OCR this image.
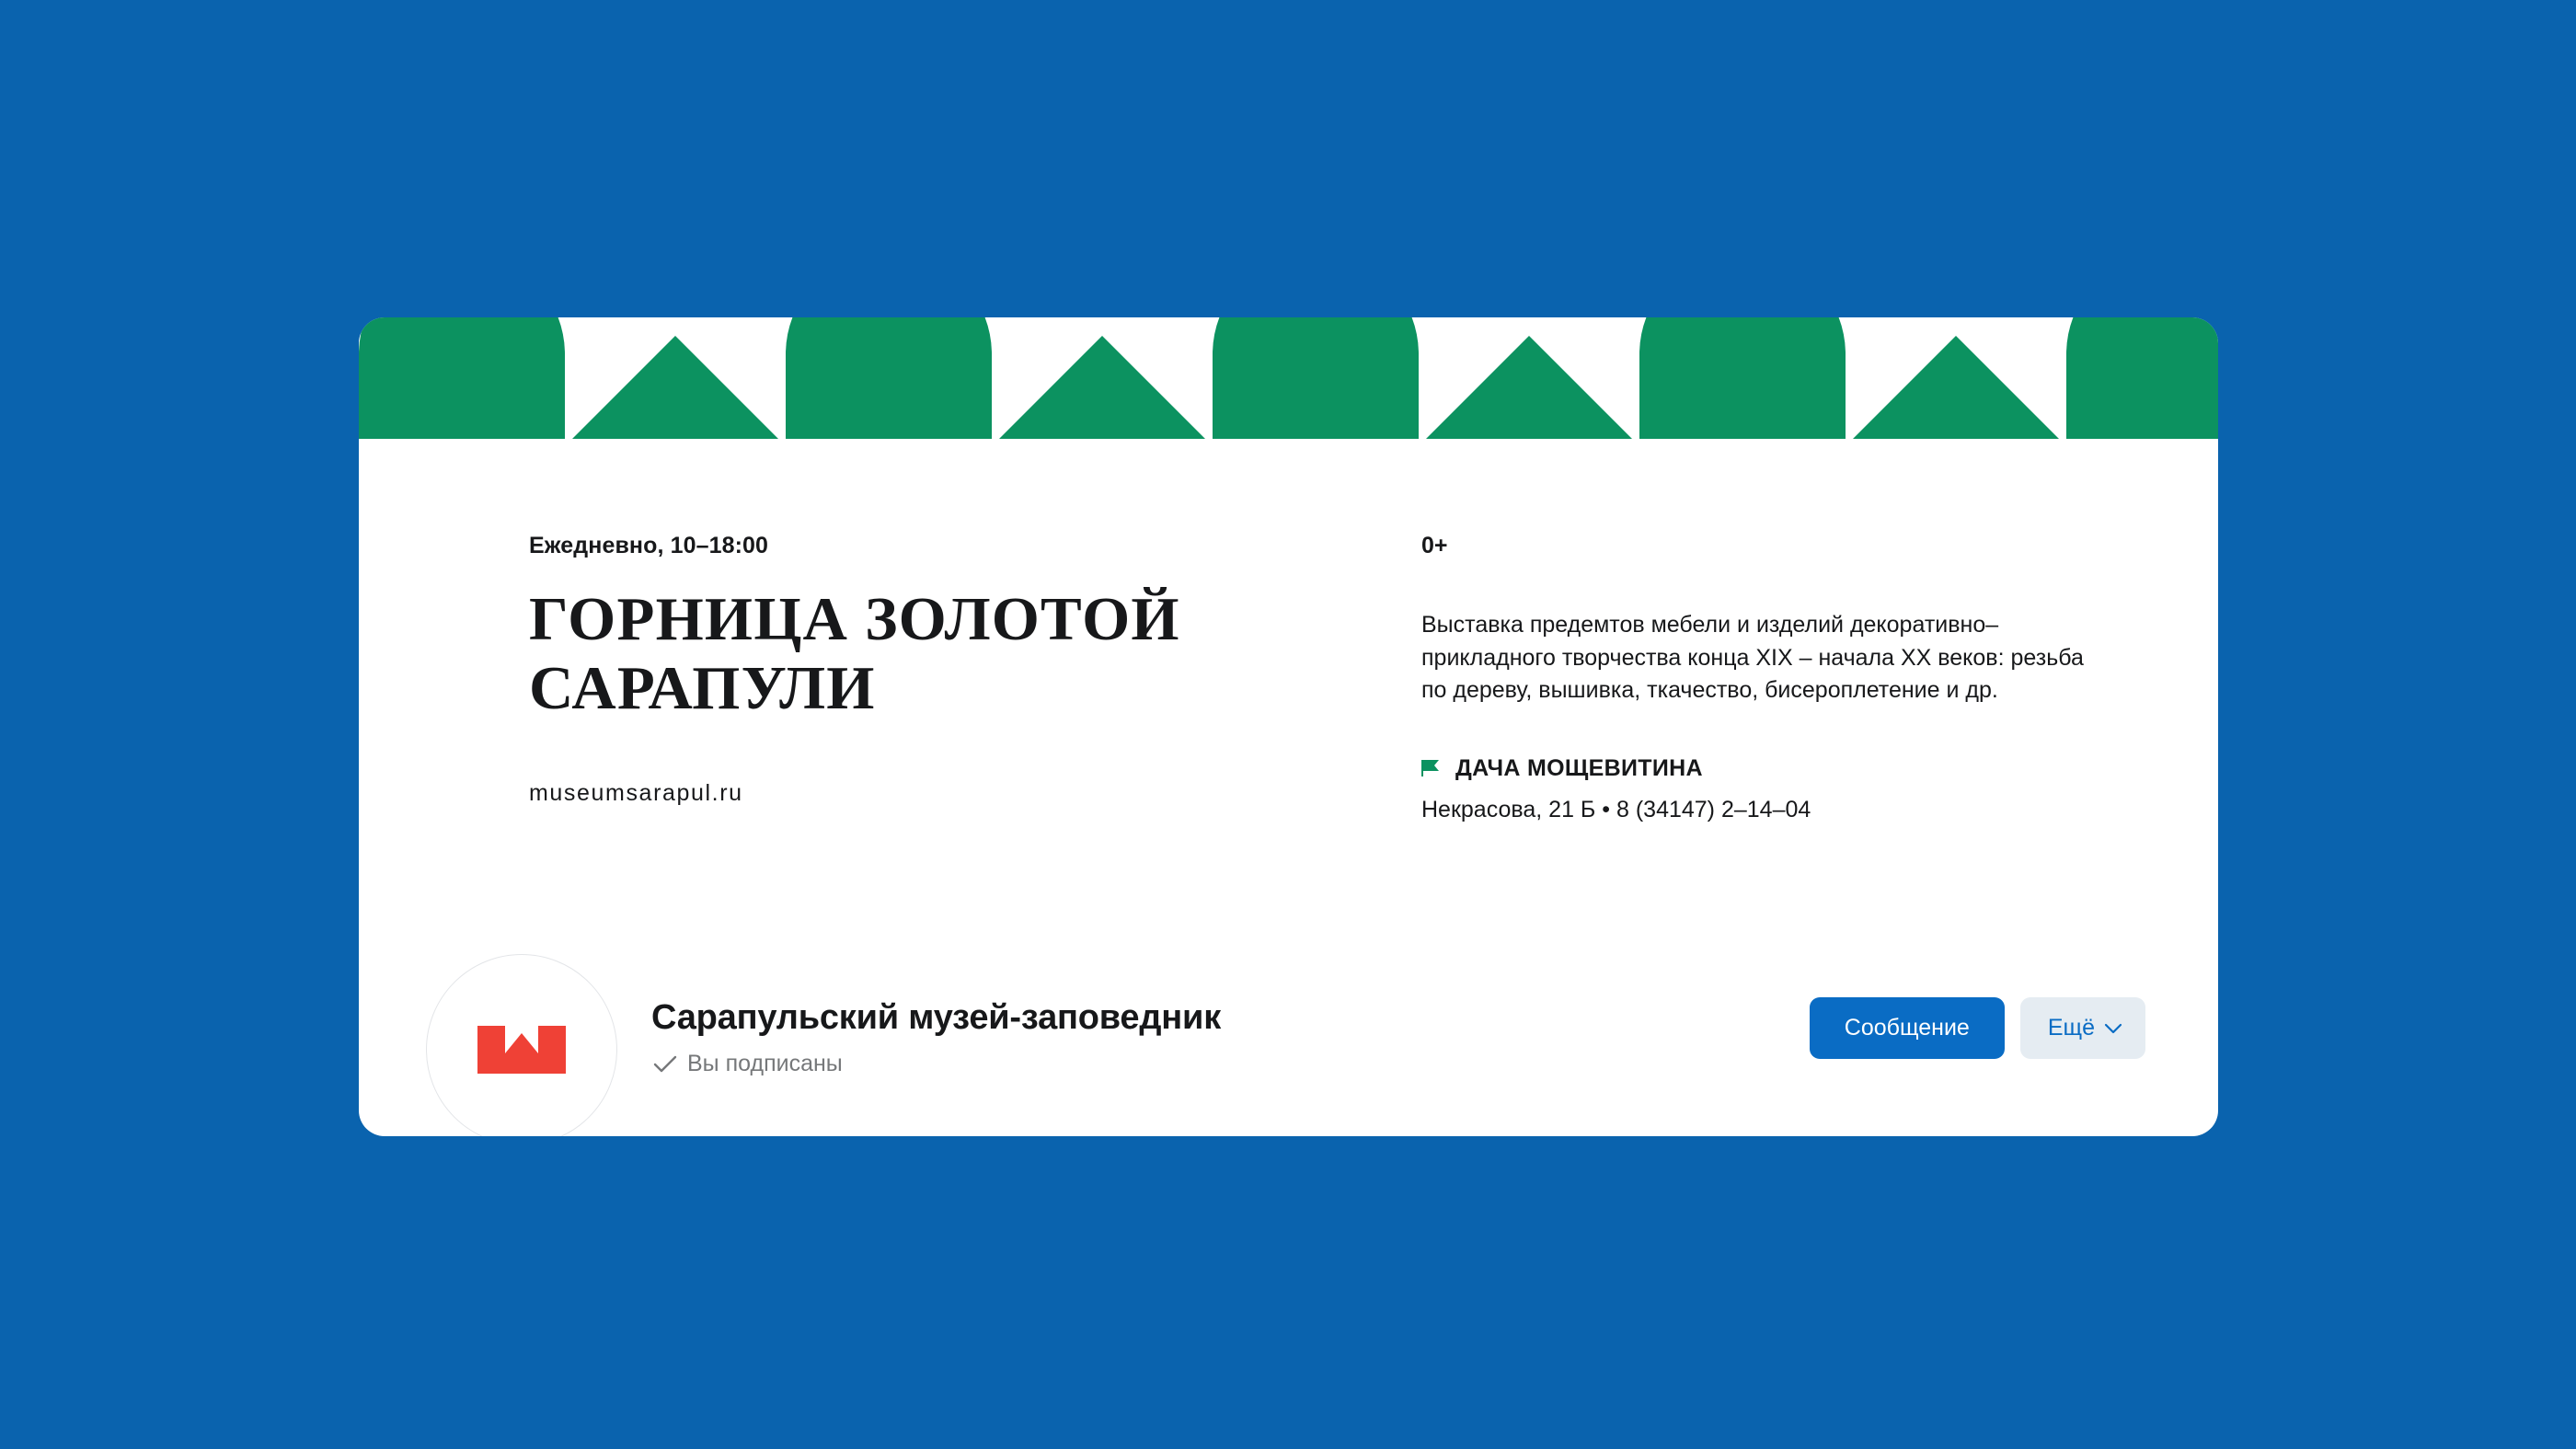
Ежедневно, 10–18:00
ГОРНИЦА ЗОЛОТОЙ САРАПУЛИ
museumsarapul.ru
0+
Выставка предемтов мебели и изделий декоративно–прикладного творчества конца XIX – начала XX веков: резьба по дереву, вышивка, ткачество, бисероплетение и др.
ДАЧА МОЩЕВИТИНА
Некрасова, 21 Б • 8 (34147) 2–14–04
Сарапульский музей-заповедник
Вы подписаны
Сообщение	Ещё
